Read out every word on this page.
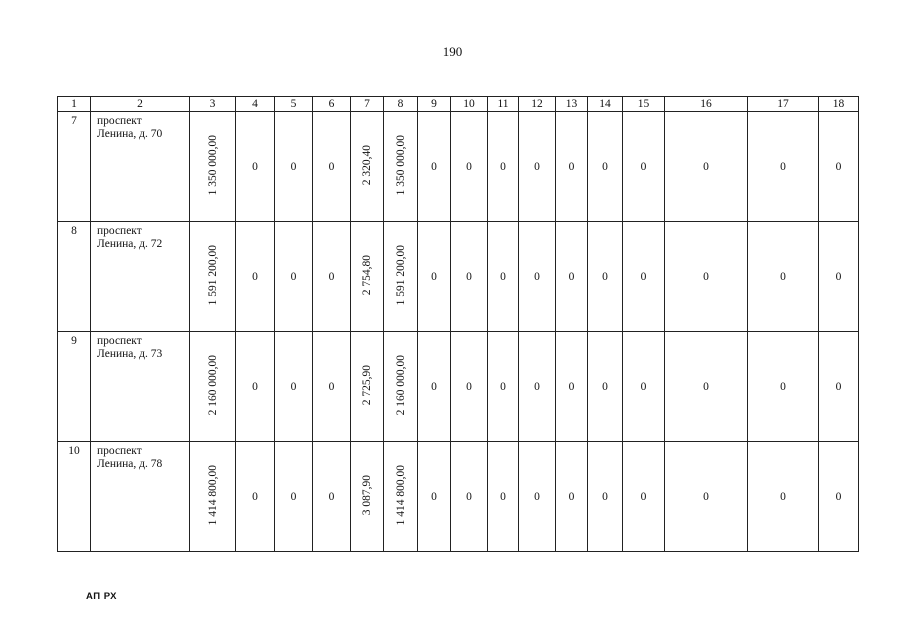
190
1	2	3	4	5	6	7	8	9	10	11	12	13	14	15	16	17	18
7	проспект
Ленина, д. 70	1 350 000,00	0	0	0	2 320,40	1 350 000,00	0	0	0	0	0	0	0	0	0	0
8	проспект
Ленина, д. 72	1 591 200,00	0	0	0	2 754,80	1 591 200,00	0	0	0	0	0	0	0	0	0	0
9	проспект
Ленина, д. 73	2 160 000,00	0	0	0	2 725,90	2 160 000,00	0	0	0	0	0	0	0	0	0	0
10	проспект
Ленина, д. 78	1 414 800,00	0	0	0	3 087,90	1 414 800,00	0	0	0	0	0	0	0	0	0	0
АП РХ
